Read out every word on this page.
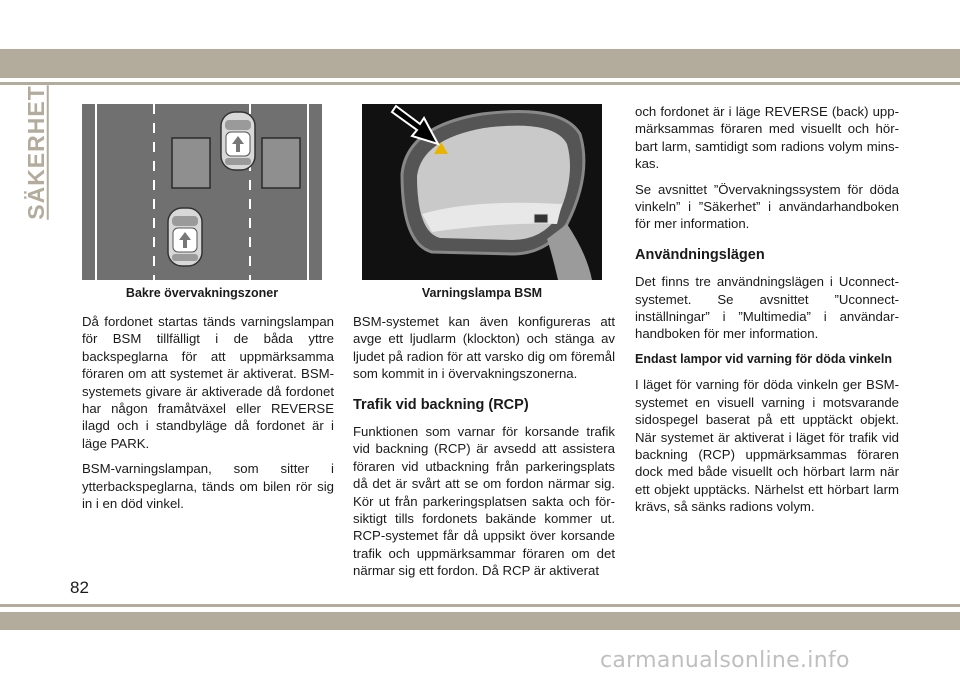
SÄKERHET
Bakre övervakningszoner	Varningslampa BSM

Då fordonet startas tänds varningslampan för BSM tillfälligt i de båda yttre backspeglarna för att uppmärksamma föraren om att systemet är aktiverat. BSM-systemets givare är aktiverade då fordonet har någon framåtväxel eller REVERSE ilagd och i standbyläge då fordonet är i läge PARK.

BSM-varningslampan, som sitter i ytterbackspeglarna, tänds om bilen rör sig in i en död vinkel.

BSM-systemet kan även konfigureras att avge ett ljudlarm (klockton) och stänga av ljudet på radion för att varsko dig om föremål som kommit in i övervakningszonerna.

Trafik vid backning (RCP)

Funktionen som varnar för korsande trafik vid backning (RCP) är avsedd att assistera föraren vid utbackning från parkeringsplats då det är svårt att se om fordon närmar sig. Kör ut från parkeringsplatsen sakta och försiktigt tills fordonets bakände kommer ut. RCP-systemet får då uppsikt över korsande trafik och uppmärksammar föraren om det närmar sig ett fordon. Då RCP är aktiverat

och fordonet är i läge REVERSE (back) uppmärksammas föraren med visuellt och hörbart larm, samtidigt som radions volym minskas.

Se avsnittet ”Övervakningssystem för döda vinkeln” i ”Säkerhet” i användarhandboken för mer information.

Användningslägen

Det finns tre användningslägen i Uconnect-systemet. Se avsnittet ”Uconnect-inställningar” i ”Multimedia” i användarhandboken för mer information.

Endast lampor vid varning för döda vinkeln

I läget för varning för döda vinkeln ger BSM-systemet en visuell varning i motsvarande sidospegel baserat på ett upptäckt objekt. När systemet är aktiverat i läget för trafik vid backning (RCP) uppmärksammas föraren dock med både visuellt och hörbart larm när ett objekt upptäcks. Närhelst ett hörbart larm krävs, så sänks radions volym.

82
carmanualsonline.info
